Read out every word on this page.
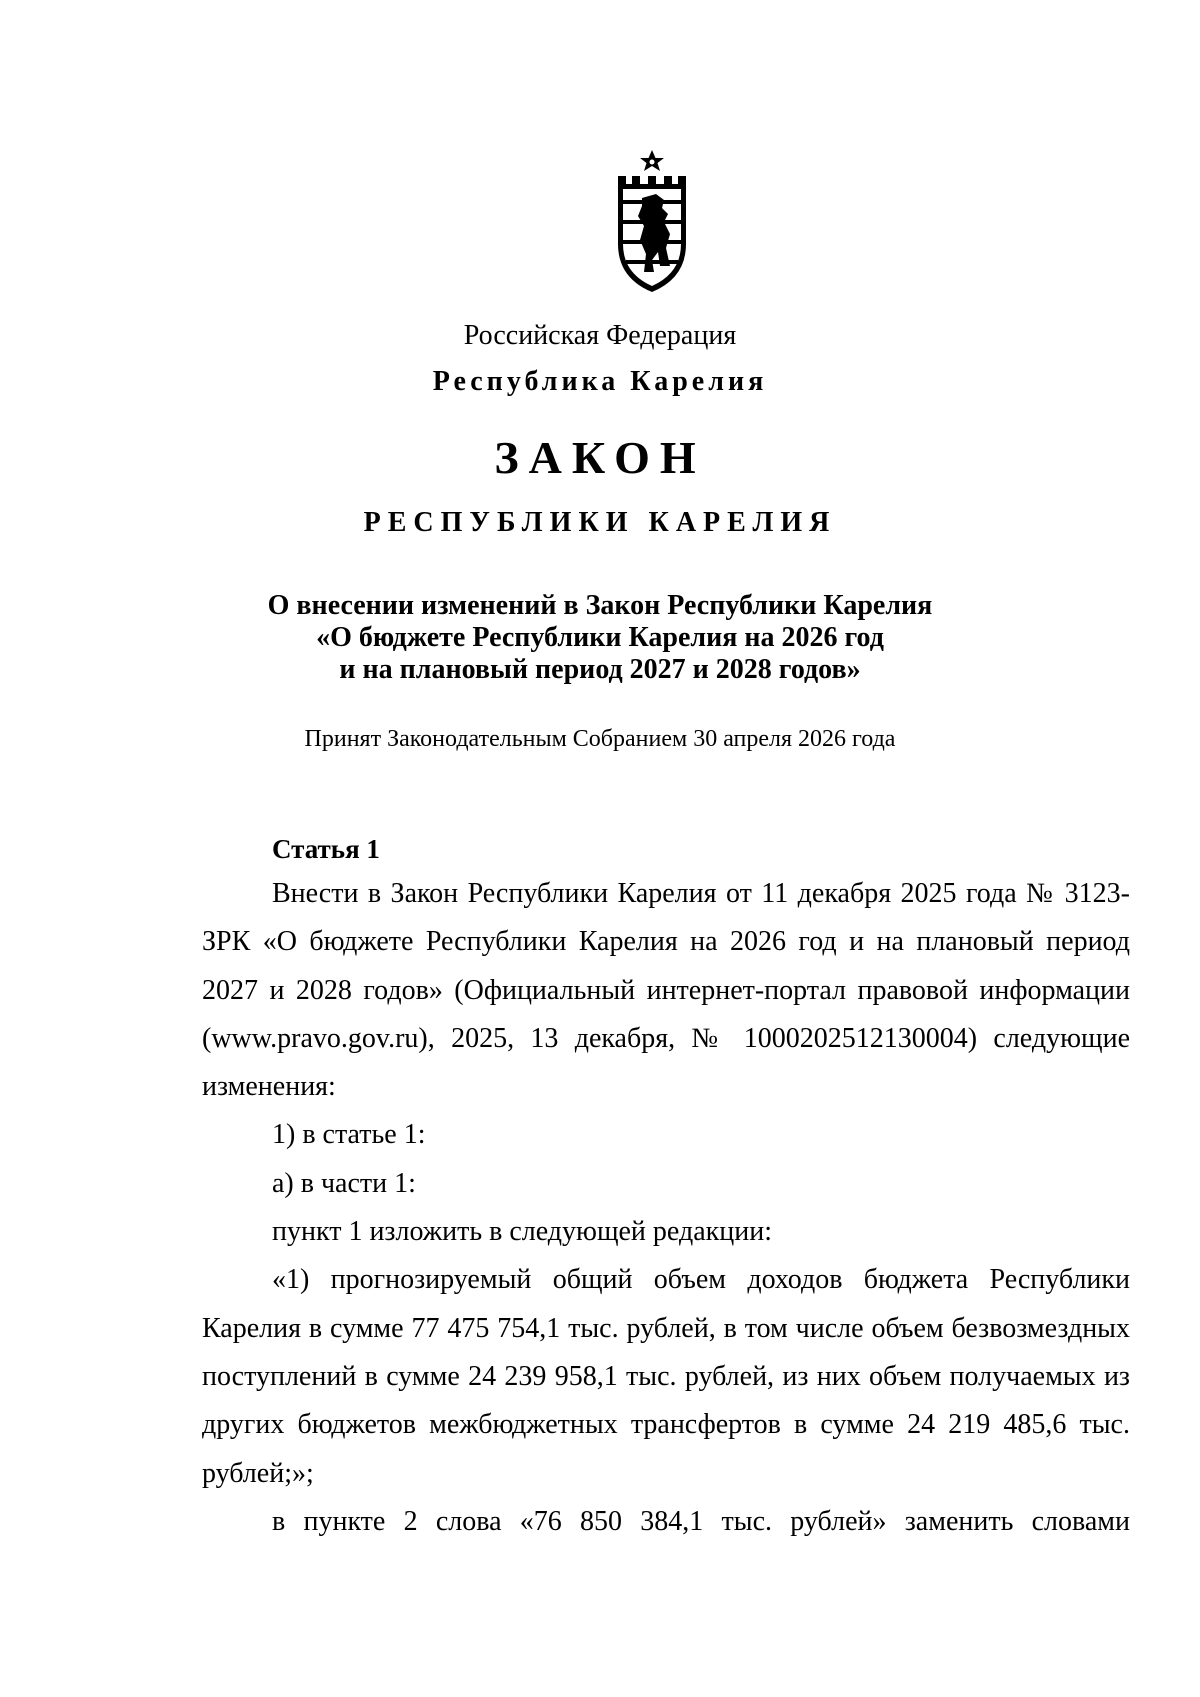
Российская Федерация
Республика Карелия
ЗАКОН
РЕСПУБЛИКИ КАРЕЛИЯ
О внесении изменений в Закон Республики Карелия
«О бюджете Республики Карелия на 2026 год
и на плановый период 2027 и 2028 годов»
Принят Законодательным Собранием 30 апреля 2026 года
Статья 1

Внести в Закон Республики Карелия от 11 декабря 2025 года № 3123-ЗРК «О бюджете Республики Карелия на 2026 год и на плановый период 2027 и 2028 годов» (Официальный интернет-портал правовой информации (www.pravo.gov.ru), 2025, 13 декабря, № 1000202512130004) следующие изменения:

1) в статье 1:

а) в части 1:

пункт 1 изложить в следующей редакции:

«1) прогнозируемый общий объем доходов бюджета Республики Карелия в сумме 77 475 754,1 тыс. рублей, в том числе объем безвозмездных поступлений в сумме 24 239 958,1 тыс. рублей, из них объем получаемых из других бюджетов межбюджетных трансфертов в сумме 24 219 485,6 тыс. рублей;»;

в пункте 2 слова «76 850 384,1 тыс. рублей» заменить словами
